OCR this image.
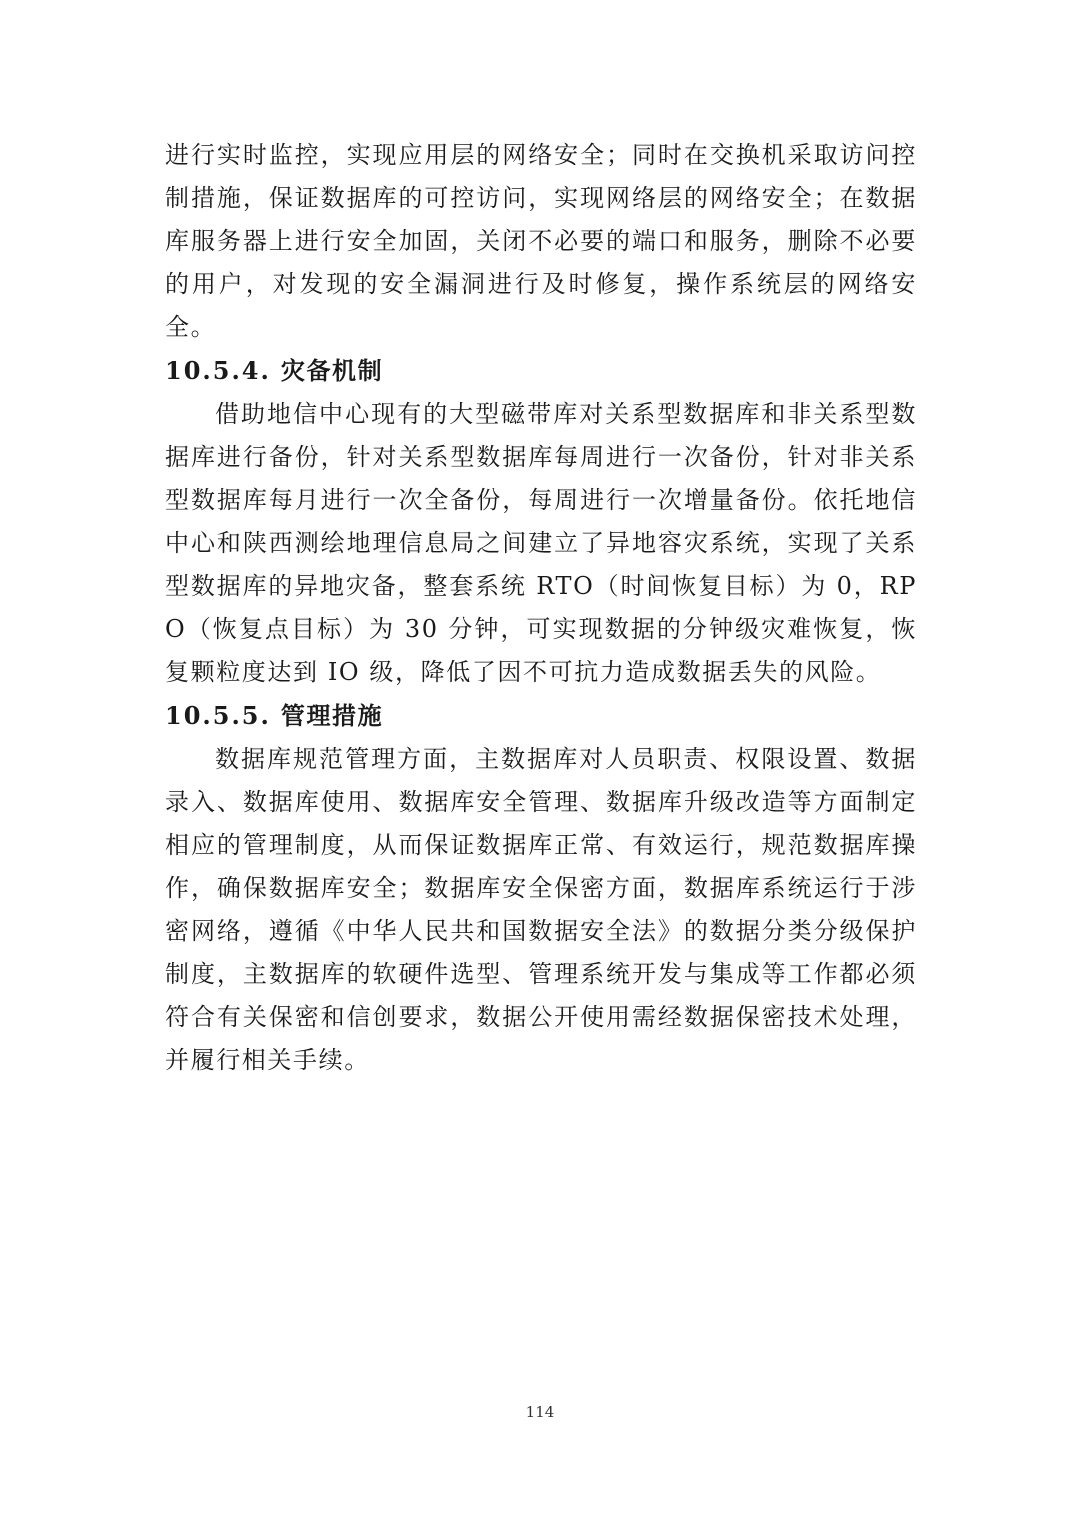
进行实时监控，实现应用层的网络安全；同时在交换机采取访问控制措施，保证数据库的可控访问，实现网络层的网络安全；在数据库服务器上进行安全加固，关闭不必要的端口和服务，删除不必要的用户，对发现的安全漏洞进行及时修复，操作系统层的网络安全。

10.5.4. 灾备机制

借助地信中心现有的大型磁带库对关系型数据库和非关系型数据库进行备份，针对关系型数据库每周进行一次备份，针对非关系型数据库每月进行一次全备份，每周进行一次增量备份。依托地信中心和陕西测绘地理信息局之间建立了异地容灾系统，实现了关系型数据库的异地灾备，整套系统 RTO（时间恢复目标）为 0，RPO（恢复点目标）为 30 分钟，可实现数据的分钟级灾难恢复，恢复颗粒度达到 IO 级，降低了因不可抗力造成数据丢失的风险。

10.5.5. 管理措施

数据库规范管理方面，主数据库对人员职责、权限设置、数据录入、数据库使用、数据库安全管理、数据库升级改造等方面制定相应的管理制度，从而保证数据库正常、有效运行，规范数据库操作，确保数据库安全；数据库安全保密方面，数据库系统运行于涉密网络，遵循《中华人民共和国数据安全法》的数据分类分级保护制度，主数据库的软硬件选型、管理系统开发与集成等工作都必须符合有关保密和信创要求，数据公开使用需经数据保密技术处理，并履行相关手续。

114
